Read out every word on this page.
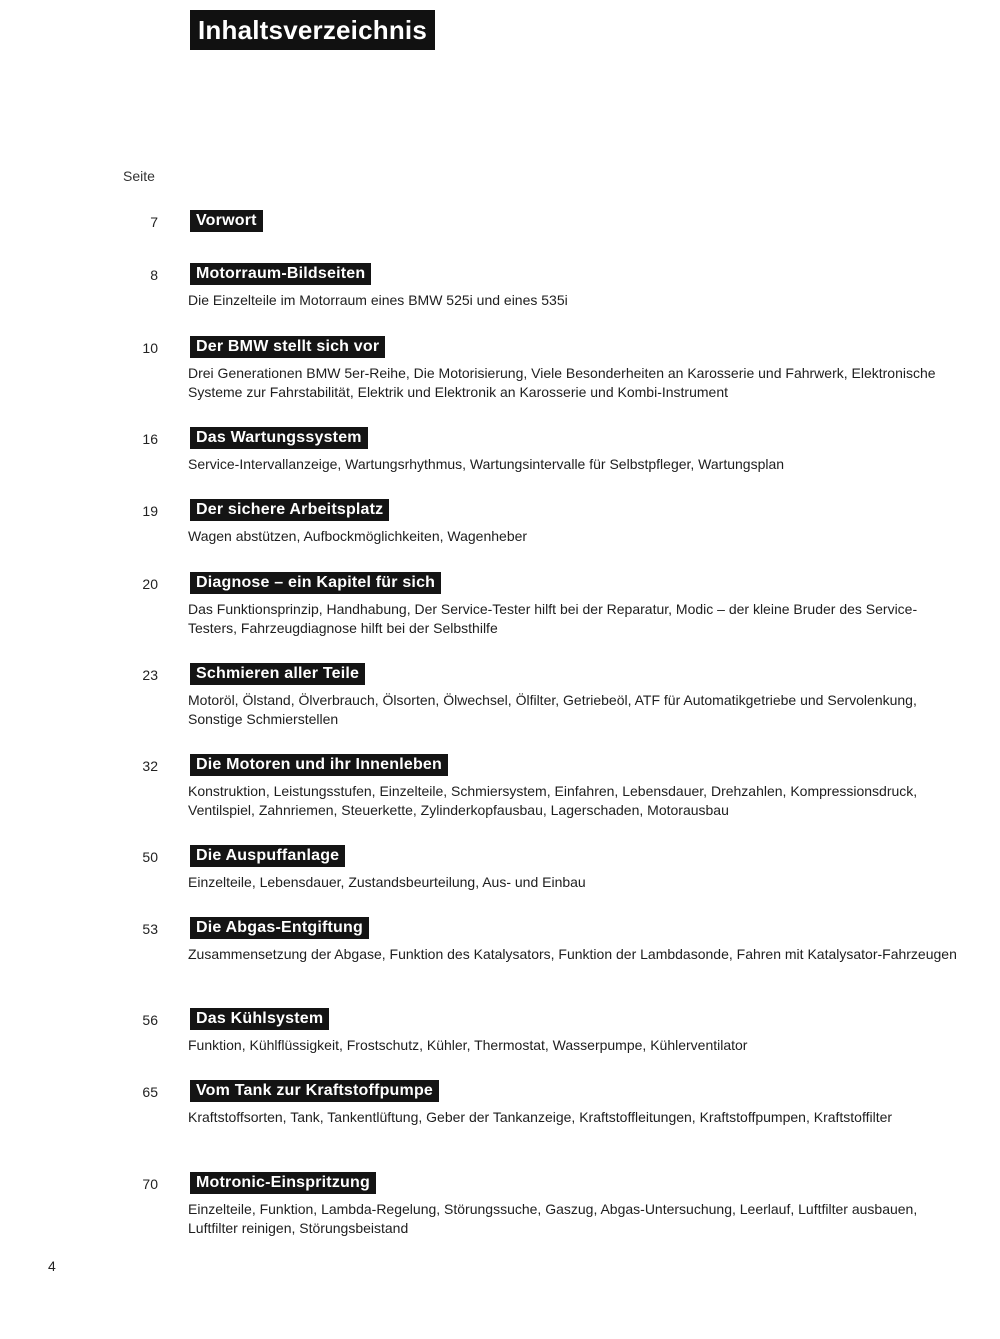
Inhaltsverzeichnis
Seite
7	Vorwort
8	Motorraum-Bildseiten
Die Einzelteile im Motorraum eines BMW 525i und eines 535i
10	Der BMW stellt sich vor
Drei Generationen BMW 5er-Reihe, Die Motorisierung, Viele Besonderheiten an Karosserie und Fahrwerk, Elektronische Systeme zur Fahrstabilität, Elektrik und Elektronik an Karosserie und Kombi-Instrument
16	Das Wartungssystem
Service-Intervallanzeige, Wartungsrhythmus, Wartungsintervalle für Selbstpfleger, Wartungsplan
19	Der sichere Arbeitsplatz
Wagen abstützen, Aufbockmöglichkeiten, Wagenheber
20	Diagnose – ein Kapitel für sich
Das Funktionsprinzip, Handhabung, Der Service-Tester hilft bei der Reparatur, Modic – der kleine Bruder des Service-Testers, Fahrzeugdiagnose hilft bei der Selbsthilfe
23	Schmieren aller Teile
Motoröl, Ölstand, Ölverbrauch, Ölsorten, Ölwechsel, Ölfilter, Getriebeöl, ATF für Automatikgetriebe und Servolenkung, Sonstige Schmierstellen
32	Die Motoren und ihr Innenleben
Konstruktion, Leistungsstufen, Einzelteile, Schmiersystem, Einfahren, Lebensdauer, Drehzahlen, Kompressionsdruck, Ventilspiel, Zahnriemen, Steuerkette, Zylinderkopfausbau, Lagerschaden, Motorausbau
50	Die Auspuffanlage
Einzelteile, Lebensdauer, Zustandsbeurteilung, Aus- und Einbau
53	Die Abgas-Entgiftung
Zusammensetzung der Abgase, Funktion des Katalysators, Funktion der Lambdasonde, Fahren mit Katalysator-Fahrzeugen
56	Das Kühlsystem
Funktion, Kühlflüssigkeit, Frostschutz, Kühler, Thermostat, Wasserpumpe, Kühlerventilator
65	Vom Tank zur Kraftstoffpumpe
Kraftstoffsorten, Tank, Tankentlüftung, Geber der Tankanzeige, Kraftstoffleitungen, Kraftstoffpumpen, Kraftstoffilter
70	Motronic-Einspritzung
Einzelteile, Funktion, Lambda-Regelung, Störungssuche, Gaszug, Abgas-Untersuchung, Leerlauf, Luftfilter ausbauen, Luftfilter reinigen, Störungsbeistand
4
